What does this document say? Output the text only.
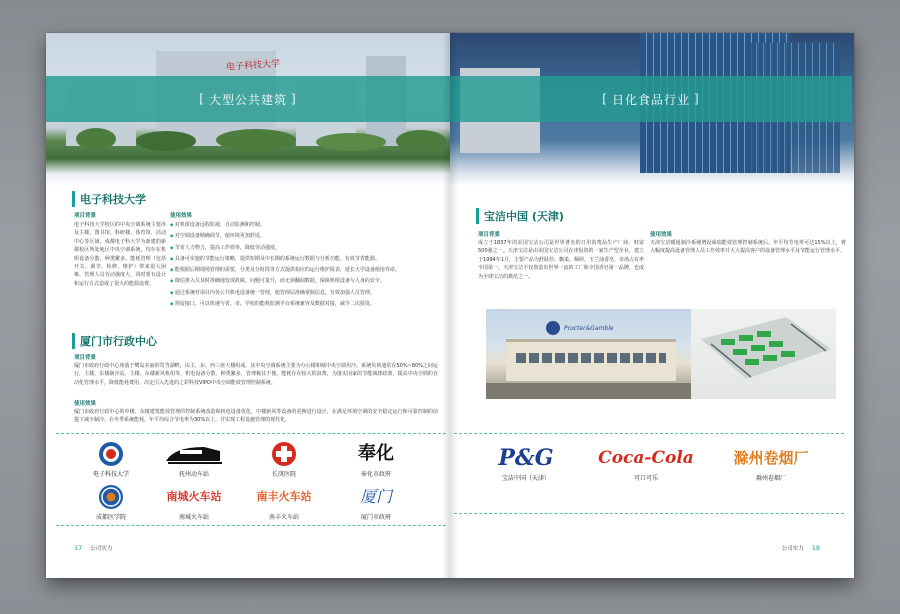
电子科技大学
[ 大型公共建筑 ]
电子科技大学
项目背景
电子科技大学校区的中央空调系统主要涉及主楼、图书馆、科研楼、体育馆、活动中心等区域。成都电子科大学为新建的新都校区所处地区中央空调系统，均存在机组设备分散、种类繁多、能耗管理（包括开关、调节、检修、维护）带来很大困难，管理人员劳动强度大，同时要有设计和运行方式造成了很大的能源浪费。
使用效果
◆ 对机组设备远程监视、自动监测和控制。
◆ 对空调设备精确调节，使环境更加舒适。
◆ 节省人力物力，提高工作效率，降低劳动强度。
◆ 具备可实施的节能运行策略，提供短期及中长期的系统运行数据与分析功能，有效节省能源。
◆ 能根据后期现场管理的需要，分类及分时段等方式提供相应的运行维护报表，延长大学设备使用寿命。
◆ 微信推入员及时准确地发现故障，问题可量升，而无须翻阅数据，保障机组设备与人身的安全。
◆ 通过系统对项目内各公共机电设备统一管理，使管理层准确掌握信息，有效加强人员管理。
◆ 预留接口，可以快速与省、市、学校的能耗监测平台系统兼容及数据对接，减少二次投资。
厦门市行政中心
项目背景
厦门市政府行政中心座落于鹭岛美丽的筼筜湖畔，由主、东、西三座大楼组成。其中央空调系统主要为办公楼和城中央空调用冷。系统负荷通常在50%~80%之间运行，主楼、东楼制冷站、主楼、东楼新风机组等，机电设备分散、种类繁多，管理极其不便，能耗存在较大的浪费，为落实国家的节能减排政策，提高中央空调的自动化管理水平，降低能耗费用，决定引入先进的之彩科技VIPO中央空调能效管理控制系统。
使用效果
厦门市政府行政中心的中楼、东楼建筑能效管理的控制系统改造和机电设备优化，中楼新风等设备的更换进行设计，在满足环境空调的安全稳定运行和可靠控制的前提下减少制冷、在冬季系统能耗，年平均综合节电率为30%以上，并实现工程设施管理的现代化。
电子科技大学	抚州动车站	长庚医院
奉化
奉化市政府
成都医学院
南城火车站
南城火车站
南丰火车站
南丰火车站
厦门
厦门市政府
17 公司实力
[ 日化食品行业 ]
宝洁中国 (天津)
项目背景
成立于1837年的美国宝洁公司是世界著名的日用消费品生产厂商，财富500强之一。天津宝洁是由美国宝洁公司在津投资的一家生产型企业，建立于1994年1月，主要产品为舒肤佳、飘柔、佩婷、玉兰油香皂，市场占有率全国第一。天津宝洁不仅创造出世界一流的工厂和全国香皂第一品牌，也成为全球宝洁的典范之一。
使用效果
天津宝洁暖通制冷系统增设威瑞能效管理控制系统后，年平均节电率可达15%以上，将大幅度提高设备管理人员工作效率并大大提高客户的设备管理水平及节能运行管理水平。
Procter&Gamble
P&G
宝洁中国（天津）
Coca-Cola
可口可乐
滁州卷烟厂
滁州卷烟厂
公司实力 18
